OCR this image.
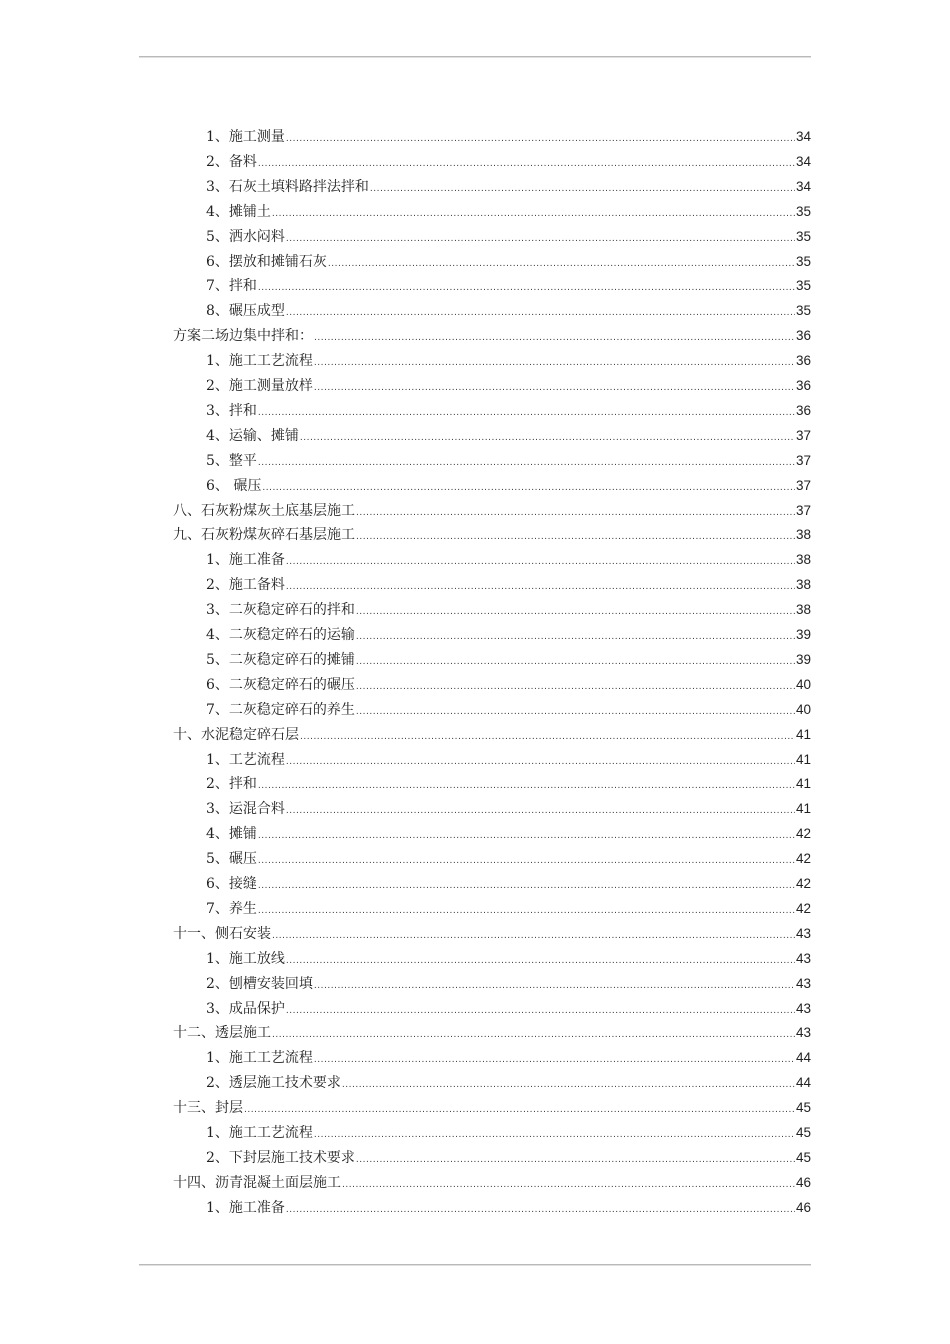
1、施工测量 .....	34
2、备料 .....	34
3、石灰土填料路拌法拌和 .....	34
4、摊铺土 .....	35
5、洒水闷料 .....	35
6、摆放和摊铺石灰 .....	35
7、拌和 .....	35
8、碾压成型 .....	35
方案二场边集中拌和： .....	36
1、施工工艺流程 .....	36
2、施工测量放样 .....	36
3、拌和 .....	36
4、运输、摊铺 .....	37
5、整平 .....	37
6、 碾压 .....	37
八、石灰粉煤灰土底基层施工 .....	37
九、石灰粉煤灰碎石基层施工 .....	38
1、施工准备 .....	38
2、施工备料 .....	38
3、二灰稳定碎石的拌和 .....	38
4、二灰稳定碎石的运输 .....	39
5、二灰稳定碎石的摊铺 .....	39
6、二灰稳定碎石的碾压 .....	40
7、二灰稳定碎石的养生 .....	40
十、水泥稳定碎石层 .....	41
1、工艺流程 .....	41
2、拌和 .....	41
3、运混合料 .....	41
4、摊铺 .....	42
5、碾压 .....	42
6、接缝 .....	42
7、养生 .....	42
十一、侧石安装 .....	43
1、施工放线 .....	43
2、刨槽安装回填 .....	43
3、成品保护 .....	43
十二、透层施工 .....	43
1、施工工艺流程 .....	44
2、透层施工技术要求 .....	44
十三、封层 .....	45
1、施工工艺流程 .....	45
2、下封层施工技术要求 .....	45
十四、沥青混凝土面层施工 .....	46
1、施工准备 .....	46
